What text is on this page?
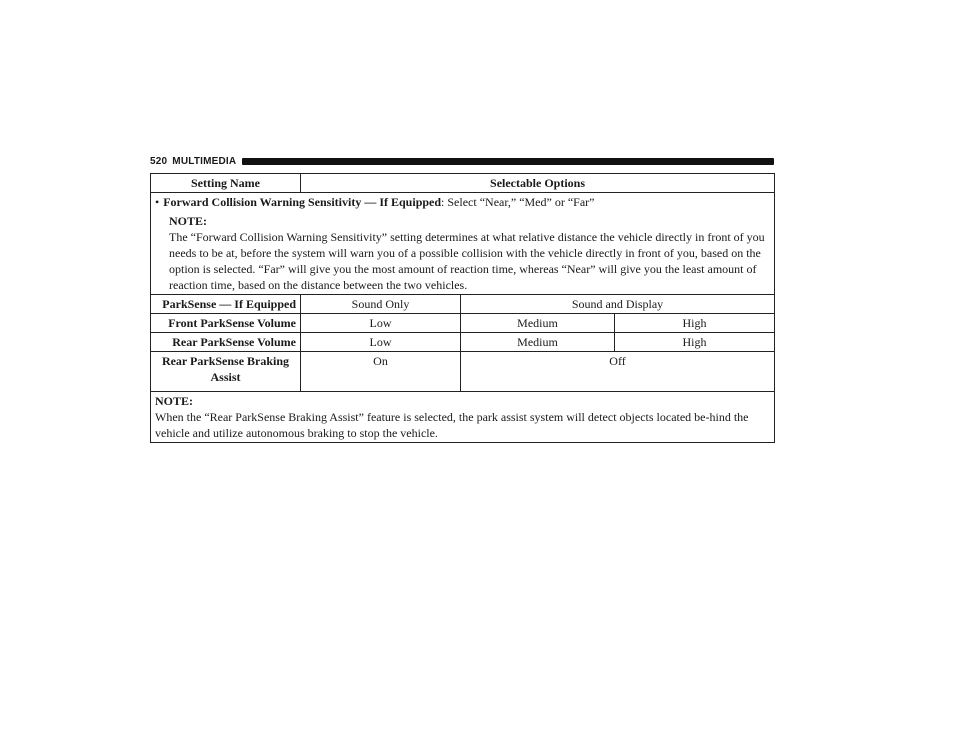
520 MULTIMEDIA
Setting Name	Selectable Options		

• Forward Collision Warning Sensitivity — If Equipped: Select “Near,” “Med” or “Far”
NOTE:
The “Forward Collision Warning Sensitivity” setting determines at what relative distance the vehicle directly in front of you needs to be at, before the system will warn you of a possible collision with the vehicle directly in front of you, based on the option is selected. “Far” will give you the most amount of reaction time, whereas “Near” will give you the least amount of reaction time, based on the distance between the two vehicles.			

ParkSense — If Equipped	Sound Only	Sound and Display	
Front ParkSense Volume	Low	Medium	High
Rear ParkSense Volume	Low	Medium	High
Rear ParkSense Braking Assist	On	Off	

NOTE:
When the “Rear ParkSense Braking Assist” feature is selected, the park assist system will detect objects located be-hind the vehicle and utilize autonomous braking to stop the vehicle.			
